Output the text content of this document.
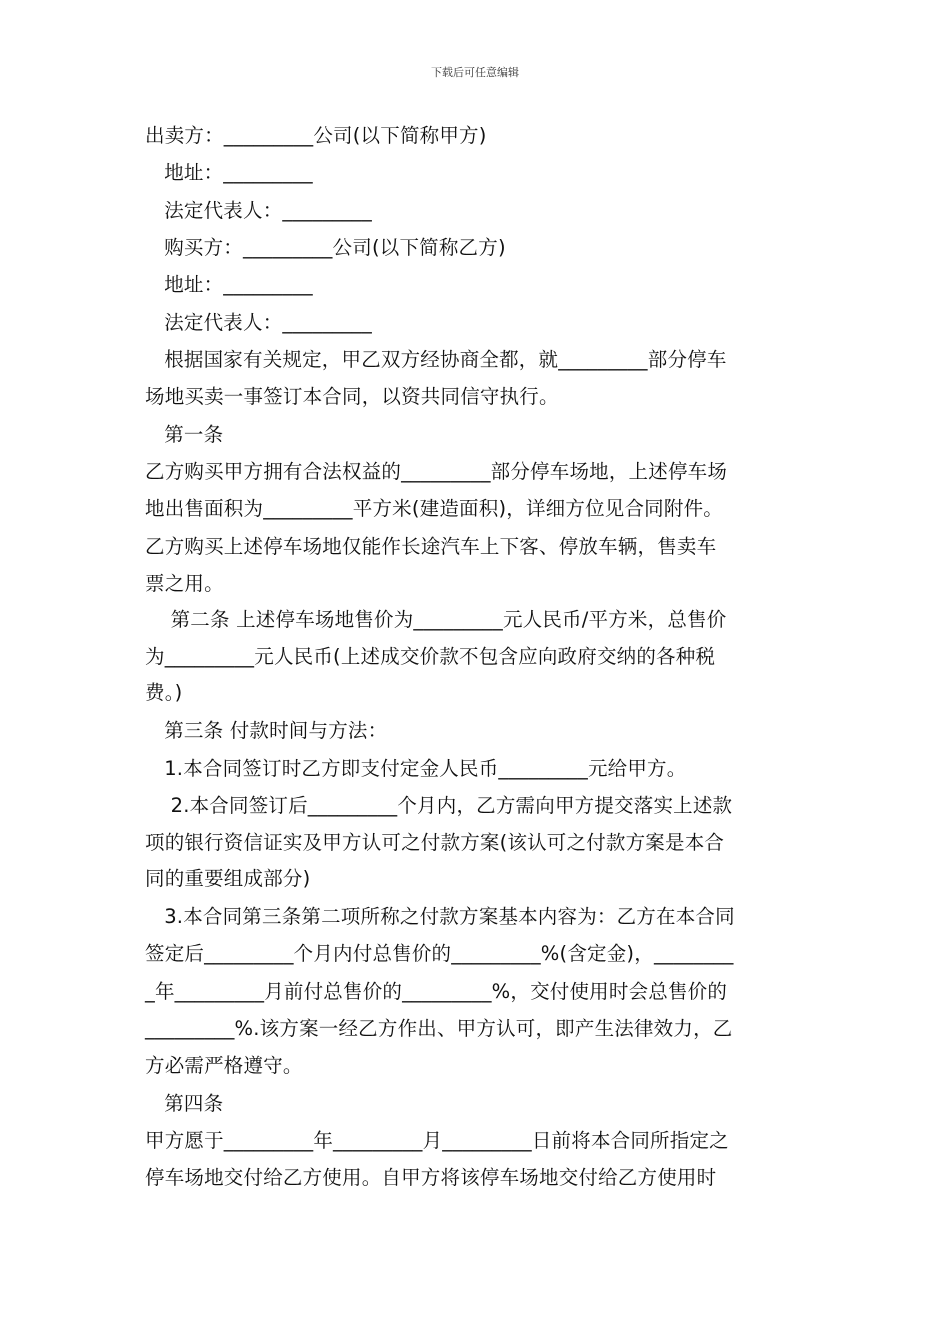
下载后可任意编辑
出卖方：_________公司(以下简称甲方)
地址：_________
法定代表人：_________
购买方：_________公司(以下简称乙方)
地址：_________
法定代表人：_________
根据国家有关规定，甲乙双方经协商全都，就_________部分停车
场地买卖一事签订本合同，以资共同信守执行。
第一条
乙方购买甲方拥有合法权益的_________部分停车场地，上述停车场
地出售面积为_________平方米(建造面积)，详细方位见合同附件。
乙方购买上述停车场地仅能作长途汽车上下客、停放车辆，售卖车
票之用。
第二条 上述停车场地售价为_________元人民币/平方米，总售价
为_________元人民币(上述成交价款不包含应向政府交纳的各种税
费。)
第三条 付款时间与方法：
1.本合同签订时乙方即支付定金人民币_________元给甲方。
2.本合同签订后_________个月内，乙方需向甲方提交落实上述款
项的银行资信证实及甲方认可之付款方案(该认可之付款方案是本合
同的重要组成部分)
3.本合同第三条第二项所称之付款方案基本内容为：乙方在本合同
签定后_________个月内付总售价的_________%(含定金)，________
_年_________月前付总售价的_________%，交付使用时会总售价的
_________%.该方案一经乙方作出、甲方认可，即产生法律效力，乙
方必需严格遵守。
第四条
甲方愿于_________年_________月_________日前将本合同所指定之
停车场地交付给乙方使用。自甲方将该停车场地交付给乙方使用时
